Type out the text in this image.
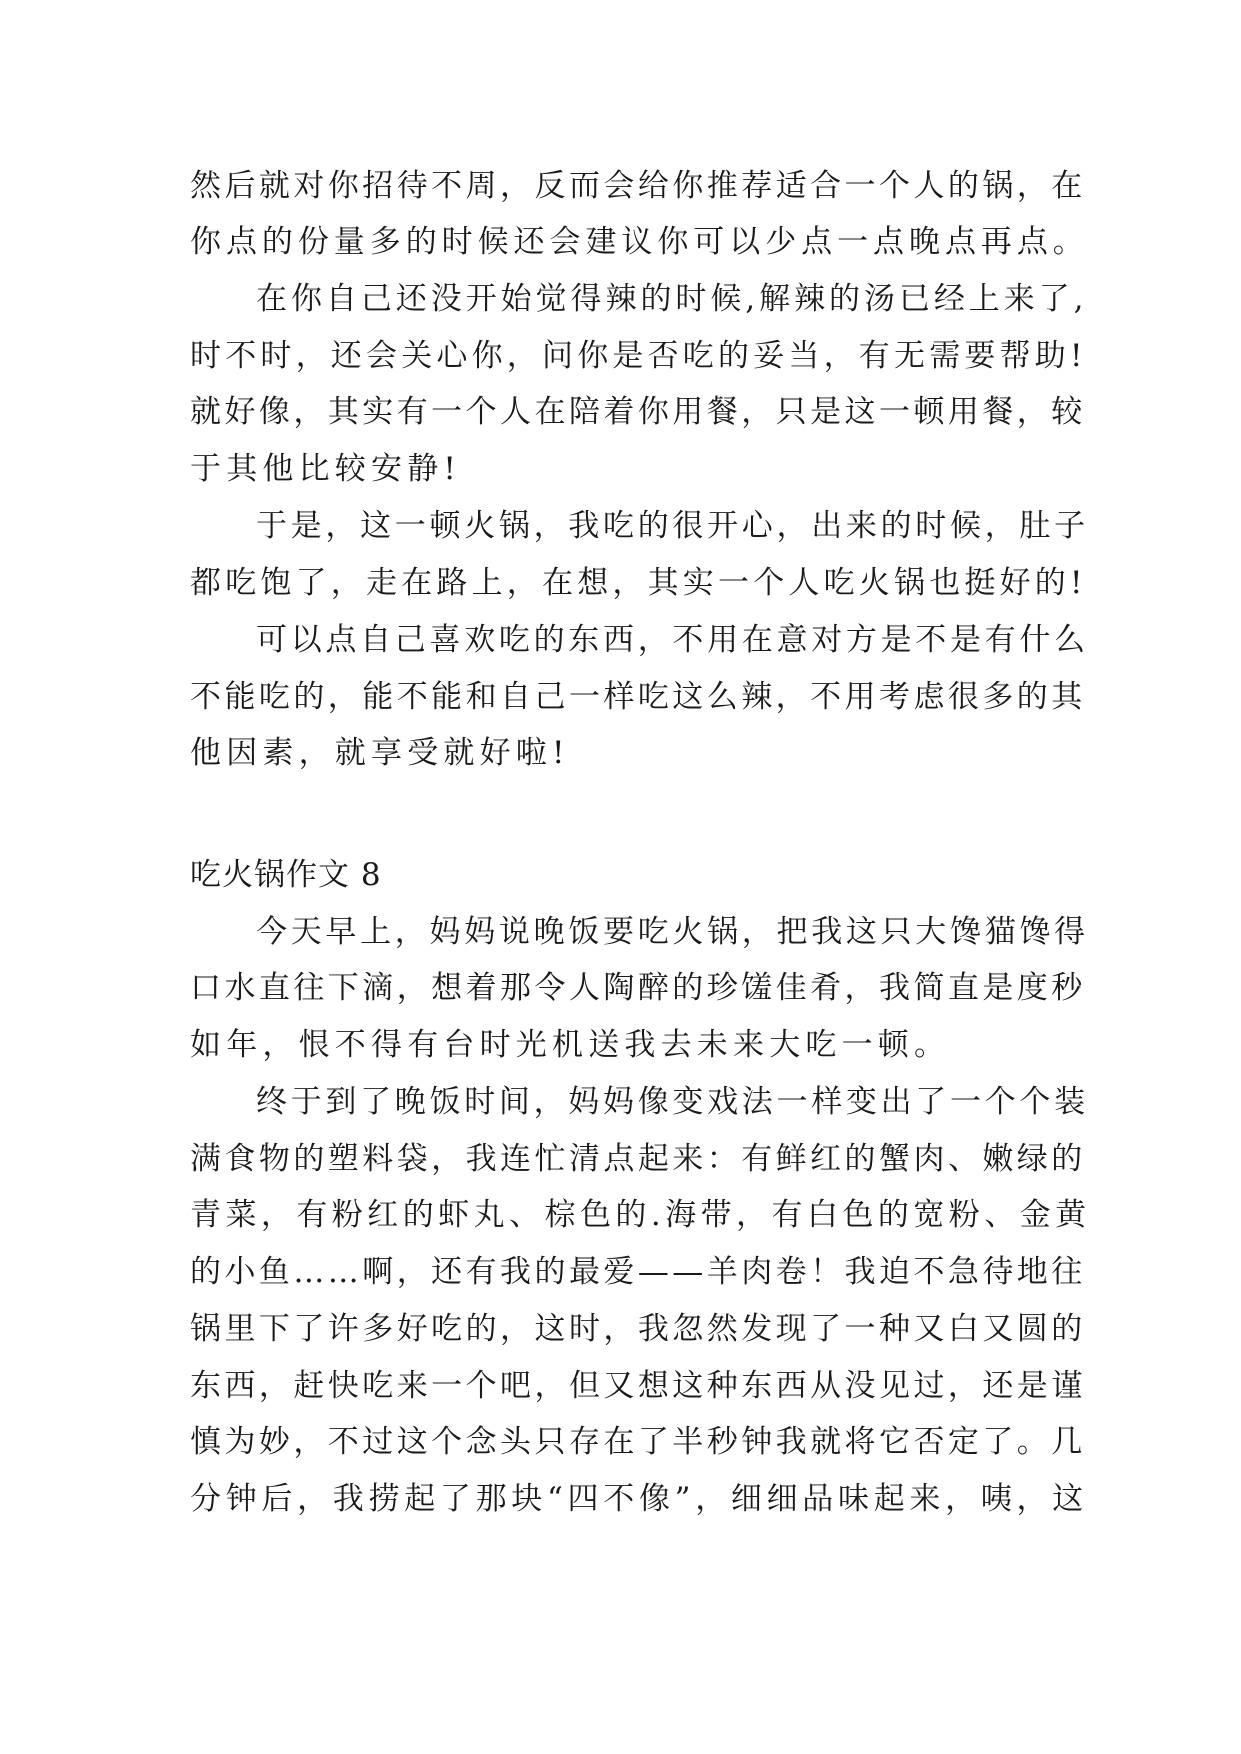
然后就对你招待不周，反而会给你推荐适合一个人的锅，在
你点的份量多的时候还会建议你可以少点一点晚点再点。
在你自己还没开始觉得辣的时候,解辣的汤已经上来了,
时不时，还会关心你，问你是否吃的妥当，有无需要帮助!
就好像，其实有一个人在陪着你用餐，只是这一顿用餐，较
于其他比较安静!
于是，这一顿火锅，我吃的很开心，出来的时候，肚子
都吃饱了，走在路上，在想，其实一个人吃火锅也挺好的!
可以点自己喜欢吃的东西，不用在意对方是不是有什么
不能吃的，能不能和自己一样吃这么辣，不用考虑很多的其
他因素，就享受就好啦!
吃火锅作文 8
今天早上，妈妈说晚饭要吃火锅，把我这只大馋猫馋得
口水直往下滴，想着那令人陶醉的珍馐佳肴，我简直是度秒
如年，恨不得有台时光机送我去未来大吃一顿。
终于到了晚饭时间，妈妈像变戏法一样变出了一个个装
满食物的塑料袋，我连忙清点起来：有鲜红的蟹肉、嫩绿的
青菜，有粉红的虾丸、棕色的.海带，有白色的宽粉、金黄
的小鱼……啊，还有我的最爱——羊肉卷！我迫不急待地往
锅里下了许多好吃的，这时，我忽然发现了一种又白又圆的
东西，赶快吃来一个吧，但又想这种东西从没见过，还是谨
慎为妙，不过这个念头只存在了半秒钟我就将它否定了。几
分钟后，我捞起了那块“四不像”，细细品味起来，咦，这
